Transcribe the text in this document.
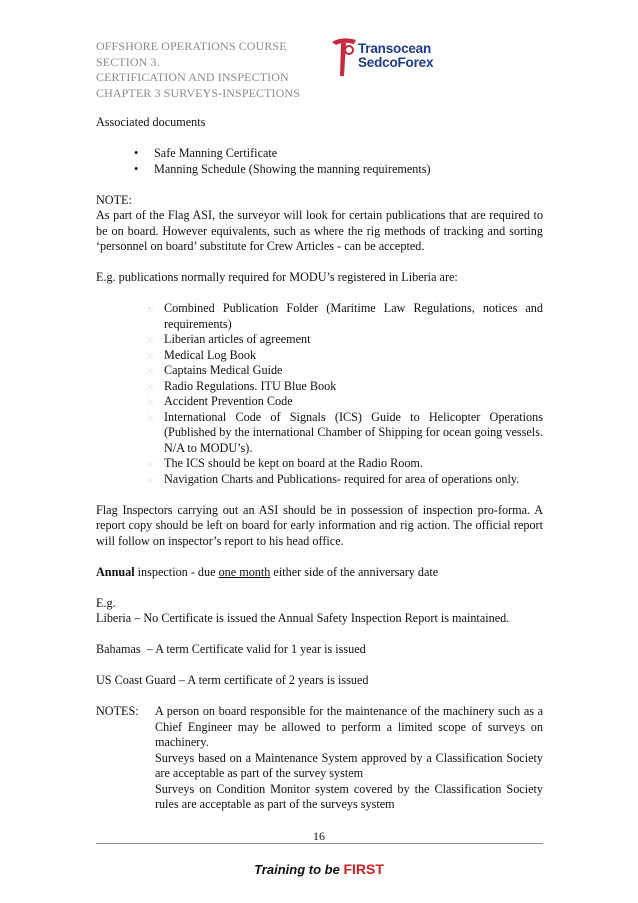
OFFSHORE OPERATIONS COURSE
SECTION 3.
CERTIFICATION AND INSPECTION
CHAPTER 3 SURVEYS-INSPECTIONS
Transocean
SedcoForex

Associated documents

• Safe Manning Certificate
• Manning Schedule (Showing the manning requirements)

NOTE:

As part of the Flag ASI, the surveyor will look for certain publications that are required to be on board. However equivalents, such as where the rig methods of tracking and sorting ‘personnel on board’ substitute for Crew Articles - can be accepted.

E.g. publications normally required for MODU’s registered in Liberia are:

Combined Publication Folder (Maritime Law Regulations, notices and requirements)
Liberian articles of agreement
Medical Log Book
Captains Medical Guide
Radio Regulations. ITU Blue Book
Accident Prevention Code
International Code of Signals (ICS) Guide to Helicopter Operations (Published by the international Chamber of Shipping for ocean going vessels. N/A to MODU’s).
The ICS should be kept on board at the Radio Room.
Navigation Charts and Publications- required for area of operations only.

Flag Inspectors carrying out an ASI should be in possession of inspection pro-forma. A report copy should be left on board for early information and rig action. The official report will follow on inspector’s report to his head office.

Annual inspection - due one month either side of the anniversary date

E.g.

Liberia – No Certificate is issued the Annual Safety Inspection Report is maintained.

Bahamas  – A term Certificate valid for 1 year is issued

US Coast Guard – A term certificate of 2 years is issued

NOTES:	A person on board responsible for the maintenance of the machinery such as a Chief Engineer may be allowed to perform a limited scope of surveys on machinery.
Surveys based on a Maintenance System approved by a Classification Society are acceptable as part of the survey system
Surveys on Condition Monitor system covered by the Classification Society rules are acceptable as part of the surveys system
16
Training to be FIRST
